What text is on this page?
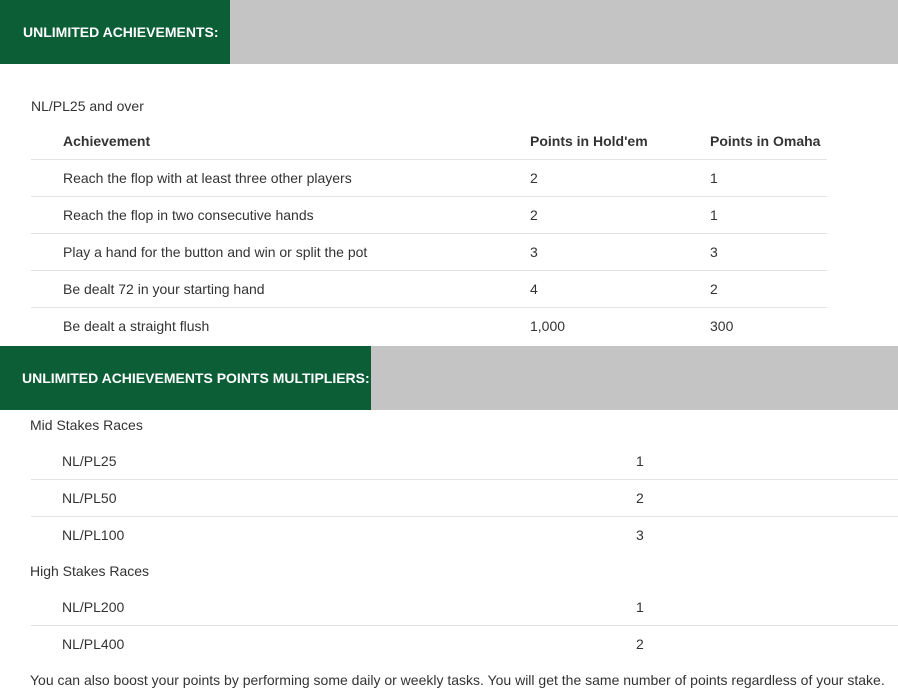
UNLIMITED ACHIEVEMENTS:
NL/PL25 and over
Achievement	Points in Hold'em	Points in Omaha
Reach the flop with at least three other players	2	1
Reach the flop in two consecutive hands	2	1
Play a hand for the button and win or split the pot	3	3
Be dealt 72 in your starting hand	4	2
Be dealt a straight flush	1,000	300
UNLIMITED ACHIEVEMENTS POINTS MULTIPLIERS:
Mid Stakes Races
NL/PL25	1
NL/PL50	2
NL/PL100	3
High Stakes Races
NL/PL200	1
NL/PL400	2
You can also boost your points by performing some daily or weekly tasks. You will get the same number of points regardless of your stake.
